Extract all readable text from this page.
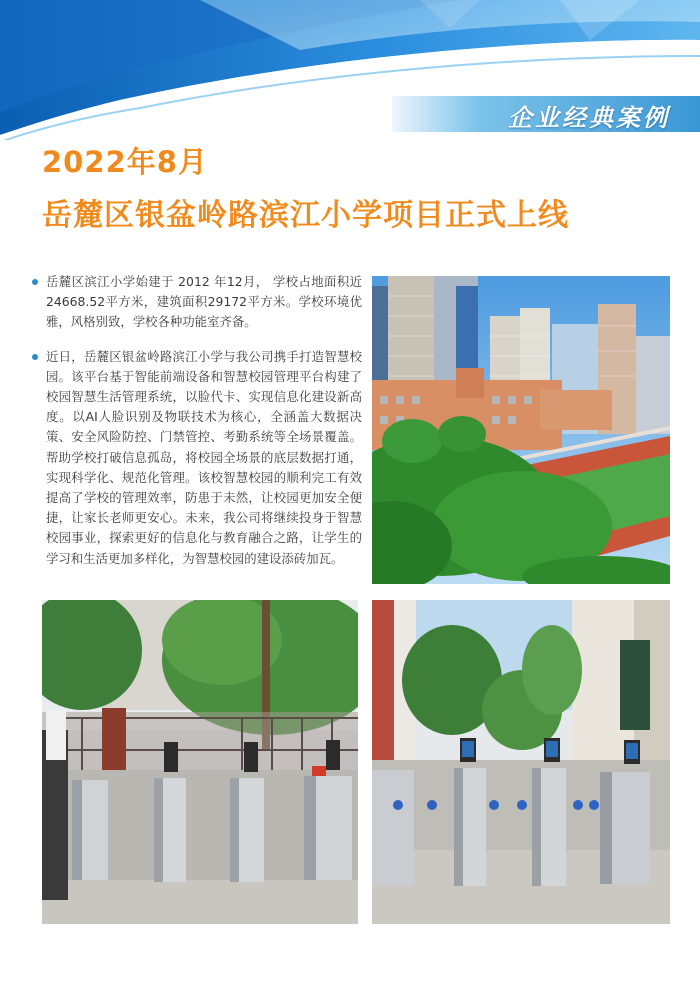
企业经典案例
2022年8月
岳麓区银盆岭路滨江小学项目正式上线

岳麓区滨江小学始建于 2012 年12月， 学校占地面积近24668.52平方米，建筑面积29172平方米。学校环境优雅，风格别致，学校各种功能室齐备。

近日，岳麓区银盆岭路滨江小学与我公司携手打造智慧校园。该平台基于智能前端设备和智慧校园管理平台构建了校园智慧生活管理系统，以脸代卡、实现信息化建设新高度。以AI人脸识别及物联技术为核心，全涵盖大数据决策、安全风险防控、门禁管控、考勤系统等全场景覆盖。帮助学校打破信息孤岛，将校园全场景的底层数据打通，实现科学化、规范化管理。该校智慧校园的顺利完工有效提高了学校的管理效率，防患于未然，让校园更加安全便捷，让家长老师更安心。未来，我公司将继续投身于智慧校园事业，探索更好的信息化与教育融合之路，让学生的学习和生活更加多样化，为智慧校园的建设添砖加瓦。
